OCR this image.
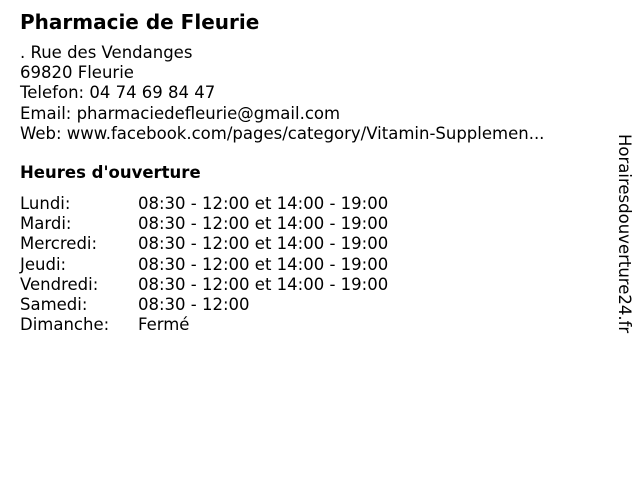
Pharmacie de Fleurie
. Rue des Vendanges
69820 Fleurie
Telefon: 04 74 69 84 47
Email: pharmaciedefleurie@gmail.com
Web: www.facebook.com/pages/category/Vitamin-Supplemen...
Heures d'ouverture
Lundi:	08:30 - 12:00 et 14:00 - 19:00
Mardi:	08:30 - 12:00 et 14:00 - 19:00
Mercredi:	08:30 - 12:00 et 14:00 - 19:00
Jeudi:	08:30 - 12:00 et 14:00 - 19:00
Vendredi:	08:30 - 12:00 et 14:00 - 19:00
Samedi:	08:30 - 12:00
Dimanche:	Fermé	Horairesdouverture24.fr
